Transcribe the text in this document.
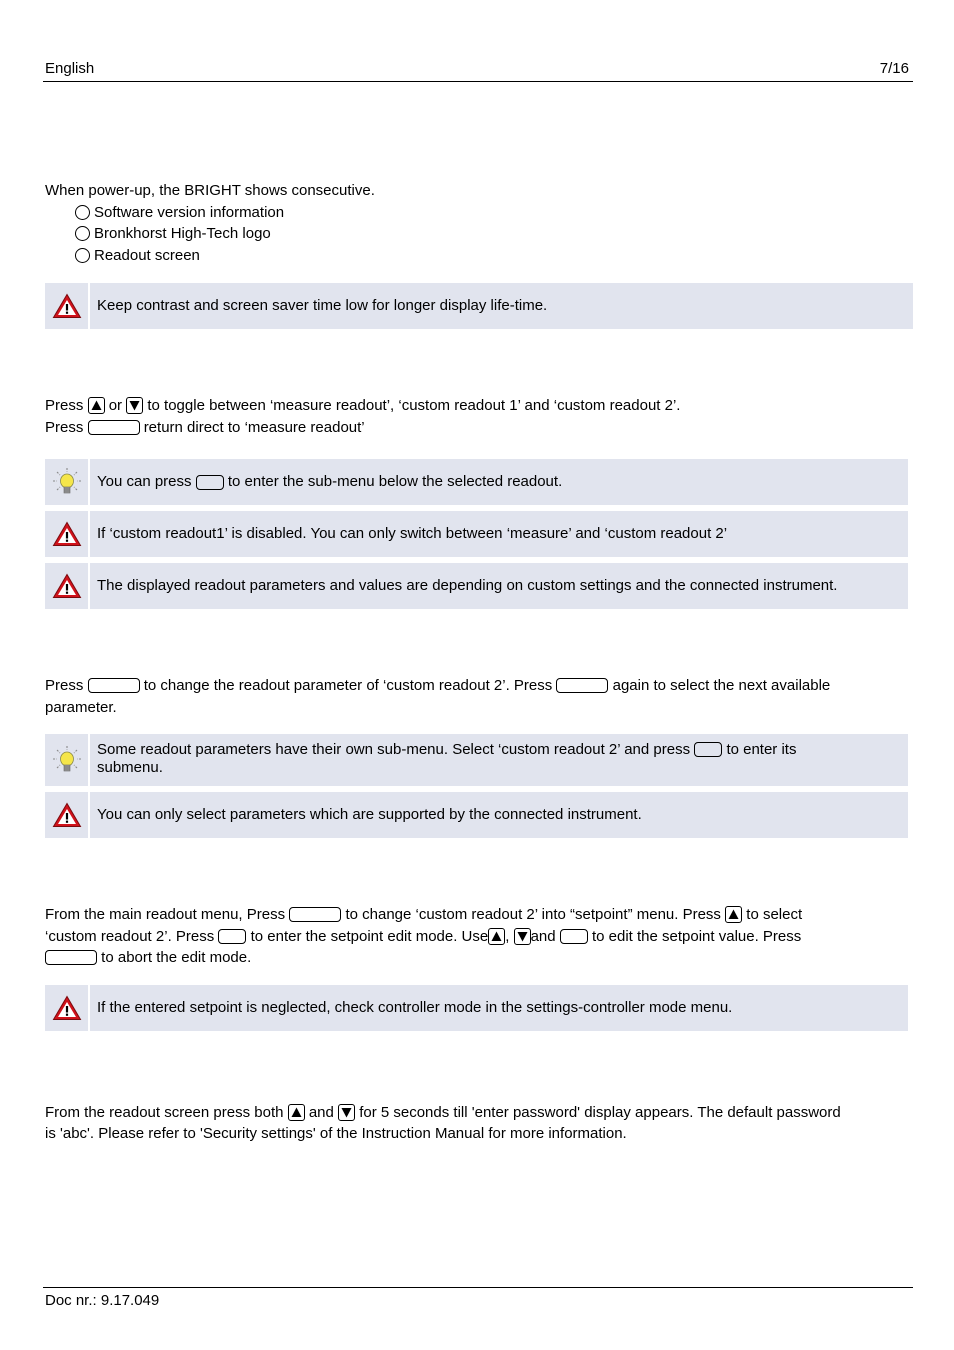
English	7/16
When power-up, the BRIGHT shows consecutive.
Software version information
Bronkhorst High-Tech logo
Readout screen
Keep contrast and screen saver time low for longer display life-time.
Press or to toggle between ‘measure readout’, ‘custom readout 1’ and ‘custom readout 2’.
Press	return direct to ‘measure readout’
You can press

to enter the sub-menu below the selected readout.
If ‘custom readout1’ is disabled. You can only switch between ‘measure’ and ‘custom readout 2’
The displayed readout parameters and values are depending on custom settings and the connected instrument.
Press	to change the readout parameter of ‘custom readout 2’. Press	again to select the next available
parameter.
Some readout parameters have their own sub-menu. Select ‘custom readout 2’ and press to enter its
submenu.
You can only select parameters which are supported by the connected instrument.
From the main readout menu, Press	to change ‘custom readout 2’ into “setpoint” menu. Press to select
‘custom readout 2’. Press to enter the setpoint edit mode. Use , and to edit the setpoint value. Press
to abort the edit mode.
If the entered setpoint is neglected, check controller mode in the settings-controller mode menu.
From the readout screen press both and for 5 seconds till 'enter password' display appears. The default password
is 'abc'. Please refer to 'Security settings' of the Instruction Manual for more information.
Doc nr.: 9.17.049
